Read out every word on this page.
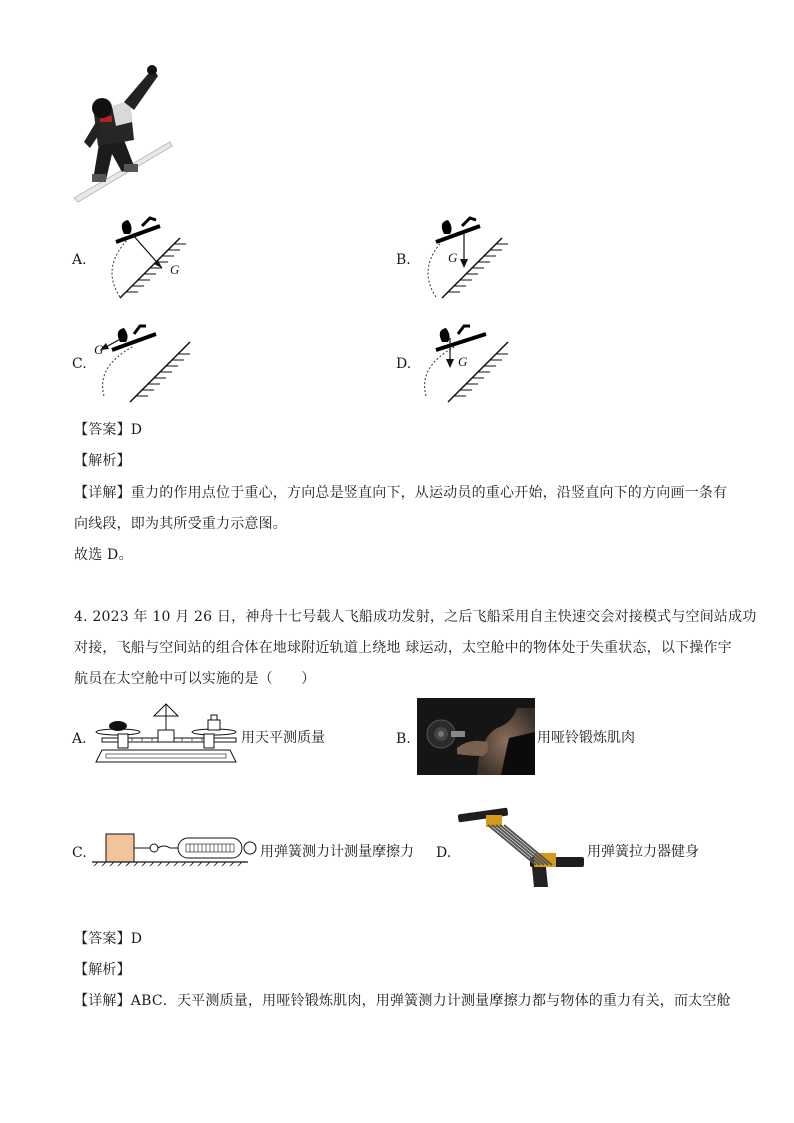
A.
G
B.	G
C.
G
D.	G
【答案】D
【解析】
【详解】重力的作用点位于重心，方向总是竖直向下，从运动员的重心开始，沿竖直向下的方向画一条有
向线段，即为其所受重力示意图。
故选 D。
4. 2023 年 10 月 26 日，神舟十七号载人飞船成功发射，之后飞船采用自主快速交会对接模式与空间站成功
对接，飞船与空间站的组合体在地球附近轨道上绕地 球运动，太空舱中的物体处于失重状态，以下操作宇
航员在太空舱中可以实施的是（　　）
A.	用天平测质量	B.	用哑铃锻炼肌肉
C.	用弹簧测力计测量摩擦力 D.	用弹簧拉力器健身
【答案】D
【解析】
【详解】ABC．天平测质量，用哑铃锻炼肌肉，用弹簧测力计测量摩擦力都与物体的重力有关，而太空舱
